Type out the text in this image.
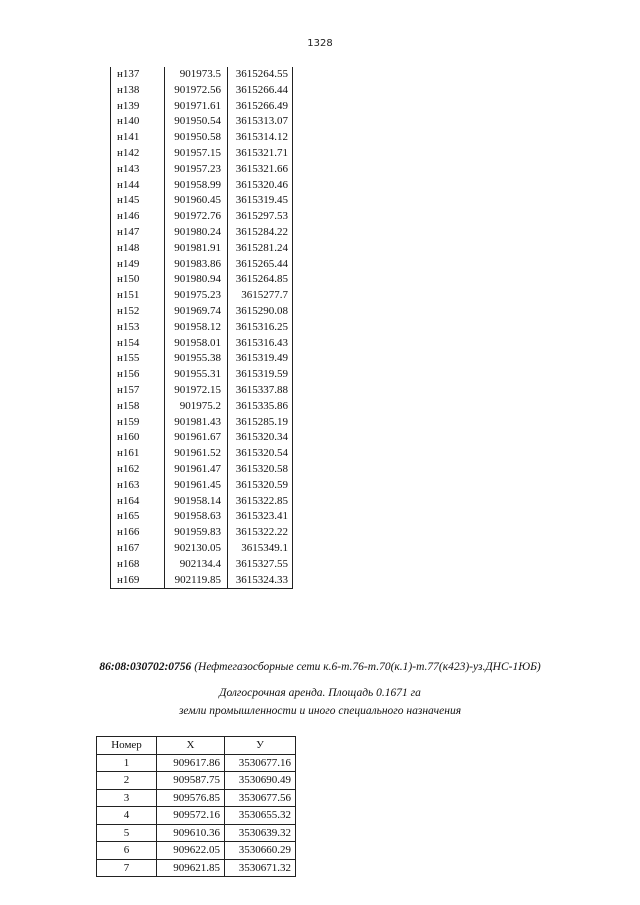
1328
н137	901973.5	3615264.55
н138	901972.56	3615266.44
н139	901971.61	3615266.49
н140	901950.54	3615313.07
н141	901950.58	3615314.12
н142	901957.15	3615321.71
н143	901957.23	3615321.66
н144	901958.99	3615320.46
н145	901960.45	3615319.45
н146	901972.76	3615297.53
н147	901980.24	3615284.22
н148	901981.91	3615281.24
н149	901983.86	3615265.44
н150	901980.94	3615264.85
н151	901975.23	3615277.7
н152	901969.74	3615290.08
н153	901958.12	3615316.25
н154	901958.01	3615316.43
н155	901955.38	3615319.49
н156	901955.31	3615319.59
н157	901972.15	3615337.88
н158	901975.2	3615335.86
н159	901981.43	3615285.19
н160	901961.67	3615320.34
н161	901961.52	3615320.54
н162	901961.47	3615320.58
н163	901961.45	3615320.59
н164	901958.14	3615322.85
н165	901958.63	3615323.41
н166	901959.83	3615322.22
н167	902130.05	3615349.1
н168	902134.4	3615327.55
н169	902119.85	3615324.33
86:08:030702:0756 (Нефтегазосборные сети к.6-т.76-т.70(к.1)-т.77(к423)-уз.ДНС-1ЮБ)
Долгосрочная аренда. Площадь 0.1671 га
земли промышленности и иного специального назначения
Номер	X	У
1	909617.86	3530677.16
2	909587.75	3530690.49
3	909576.85	3530677.56
4	909572.16	3530655.32
5	909610.36	3530639.32
6	909622.05	3530660.29
7	909621.85	3530671.32
